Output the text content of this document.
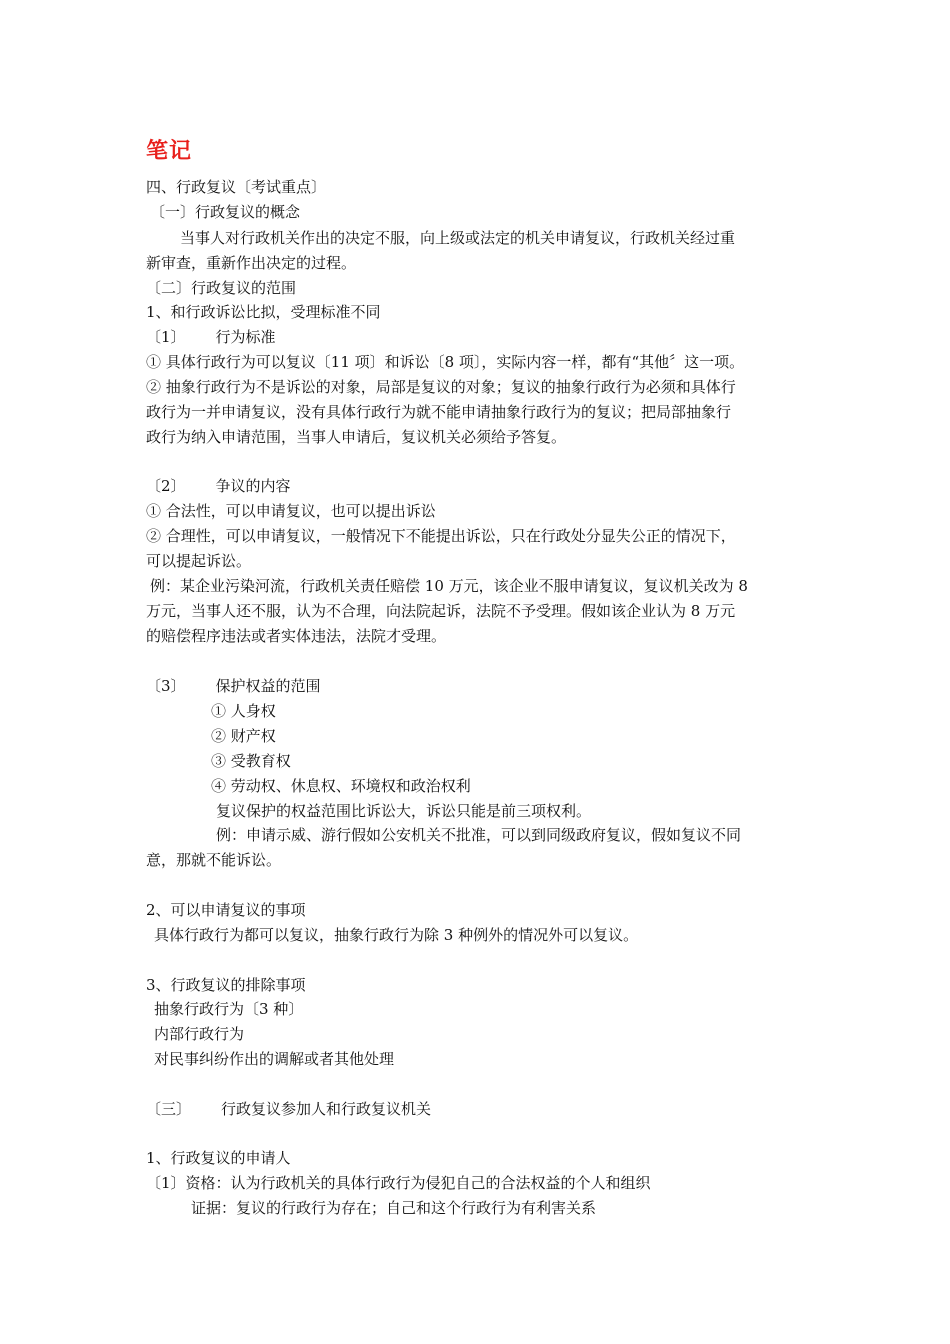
笔记
四、行政复议〔考试重点〕
〔一〕行政复议的概念
当事人对行政机关作出的决定不服，向上级或法定的机关申请复议，行政机关经过重
新审查，重新作出决定的过程。
〔二〕行政复议的范围
1、和行政诉讼比拟，受理标准不同
〔1〕 行为标准
① 具体行政行为可以复议〔11 项〕和诉讼〔8 项〕，实际内容一样，都有“其他〞这一项。
② 抽象行政行为不是诉讼的对象，局部是复议的对象；复议的抽象行政行为必须和具体行
政行为一并申请复议，没有具体行政行为就不能申请抽象行政行为的复议；把局部抽象行
政行为纳入申请范围，当事人申请后，复议机关必须给予答复。
〔2〕 争议的内容
① 合法性，可以申请复议，也可以提出诉讼
② 合理性，可以申请复议，一般情况下不能提出诉讼，只在行政处分显失公正的情况下，
可以提起诉讼。
例：某企业污染河流，行政机关责任赔偿 10 万元，该企业不服申请复议，复议机关改为 8
万元，当事人还不服，认为不合理，向法院起诉，法院不予受理。假如该企业认为 8 万元
的赔偿程序违法或者实体违法，法院才受理。
〔3〕 保护权益的范围
① 人身权
② 财产权
③ 受教育权
④ 劳动权、休息权、环境权和政治权利
复议保护的权益范围比诉讼大，诉讼只能是前三项权利。
例：申请示威、游行假如公安机关不批准，可以到同级政府复议，假如复议不同
意，那就不能诉讼。
2、可以申请复议的事项
具体行政行为都可以复议，抽象行政行为除 3 种例外的情况外可以复议。
3、行政复议的排除事项
抽象行政行为〔3 种〕
内部行政行为
对民事纠纷作出的调解或者其他处理
〔三〕 行政复议参加人和行政复议机关
1、行政复议的申请人
〔1〕资格：认为行政机关的具体行政行为侵犯自己的合法权益的个人和组织
证据：复议的行政行为存在；自己和这个行政行为有利害关系
